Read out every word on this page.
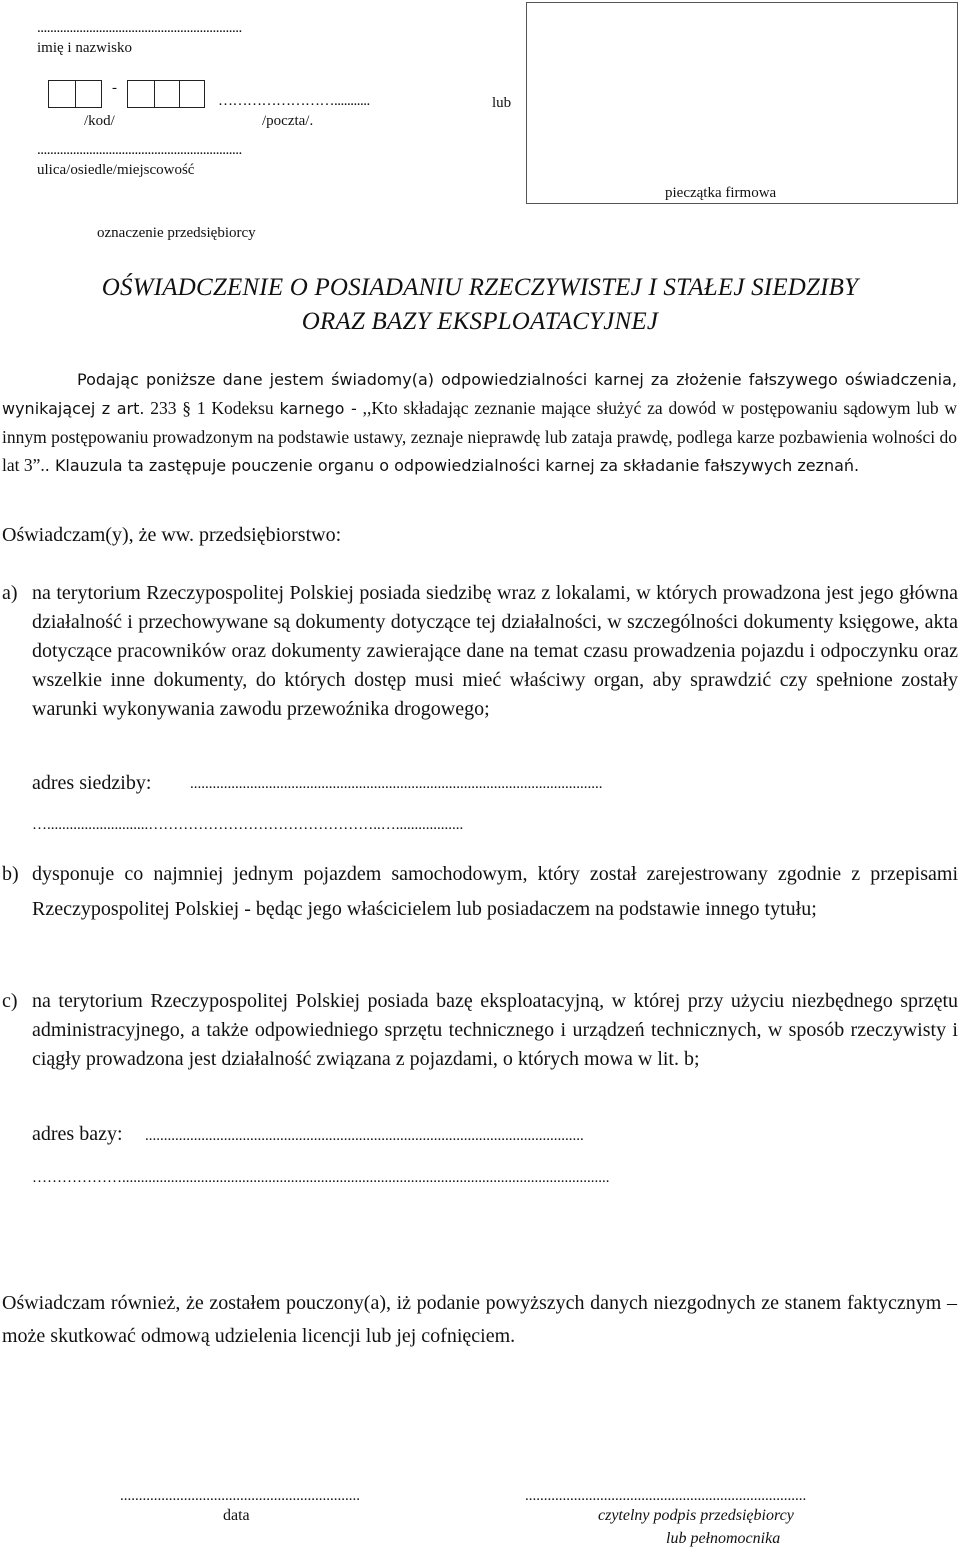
...............................................................
imię i nazwisko
-
……………………...........
/kod/	/poczta/.
lub
...............................................................
ulica/osiedle/miejscowość
oznaczenie przedsiębiorcy
pieczątka firmowa
OŚWIADCZENIE O POSIADANIU RZECZYWISTEJ I STAŁEJ SIEDZIBY
ORAZ BAZY EKSPLOATACYJNEJ
Podając poniższe dane jestem świadomy(a) odpowiedzialności karnej za złożenie fałszywego oświadczenia, wynikającej z art. 233 § 1 Kodeksu karnego - ,,Kto składając zeznanie mające służyć za dowód w postępowaniu sądowym lub w innym postępowaniu prowadzonym na podstawie ustawy, zeznaje nieprawdę lub zataja prawdę, podlega karze pozbawienia wolności do lat 3”.. Klauzula ta zastępuje pouczenie organu o odpowiedzialności karnej za składanie fałszywych zeznań.
Oświadczam(y), że ww. przedsiębiorstwo:
a) na terytorium Rzeczypospolitej Polskiej posiada siedzibę wraz z lokalami, w których prowadzona jest jego główna działalność i przechowywane są dokumenty dotyczące tej działalności, w szczególności dokumenty księgowe, akta dotyczące pracowników oraz dokumenty zawierające dane na temat czasu prowadzenia pojazdu i odpoczynku oraz wszelkie inne dokumenty, do których dostęp musi mieć właściwy organ, aby sprawdzić czy spełnione zostały warunki wykonywania zawodu przewoźnika drogowego;
adres siedziby:	..............................................................................................................
…...........................………………………………………..…..................
b) dysponuje co najmniej jednym pojazdem samochodowym, który został zarejestrowany zgodnie z przepisami Rzeczypospolitej Polskiej - będąc jego właścicielem lub posiadaczem na podstawie innego tytułu;
c) na terytorium Rzeczypospolitej Polskiej posiada bazę eksploatacyjną, w której przy użyciu niezbędnego sprzętu administracyjnego, a także odpowiedniego sprzętu technicznego i urządzeń technicznych, w sposób rzeczywisty i ciągły prowadzona jest działalność związana z pojazdami, o których mowa w lit. b;
adres bazy: .....................................................................................................................
………………..................................................................................................................................
Oświadczam również, że zostałem pouczony(a), iż podanie powyższych danych niezgodnych ze stanem faktycznym – może skutkować odmową udzielenia licencji lub jej cofnięciem.
................................................................
data
...........................................................................
czytelny podpis przedsiębiorcy
lub pełnomocnika
